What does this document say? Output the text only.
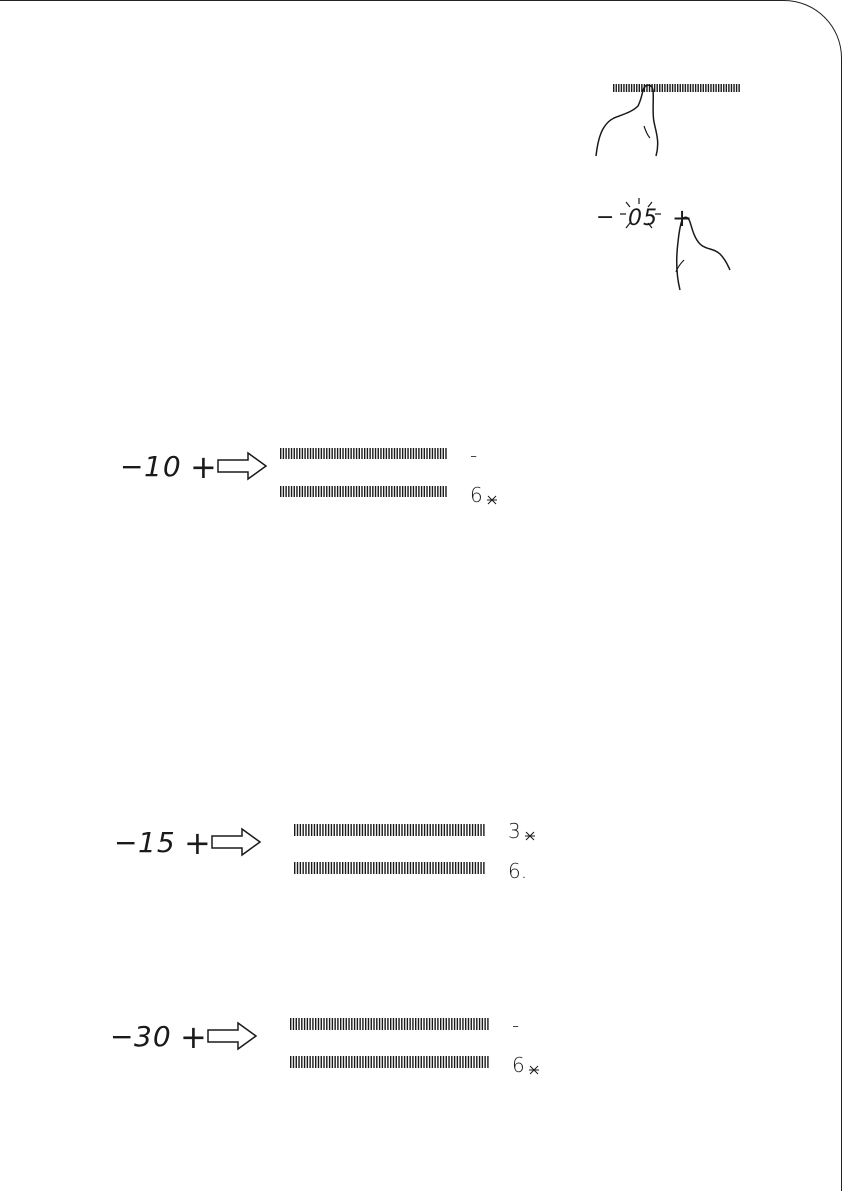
− 05 +
− 10 +	-
6
− 15 +	3
6.
− 30 +	-
6
